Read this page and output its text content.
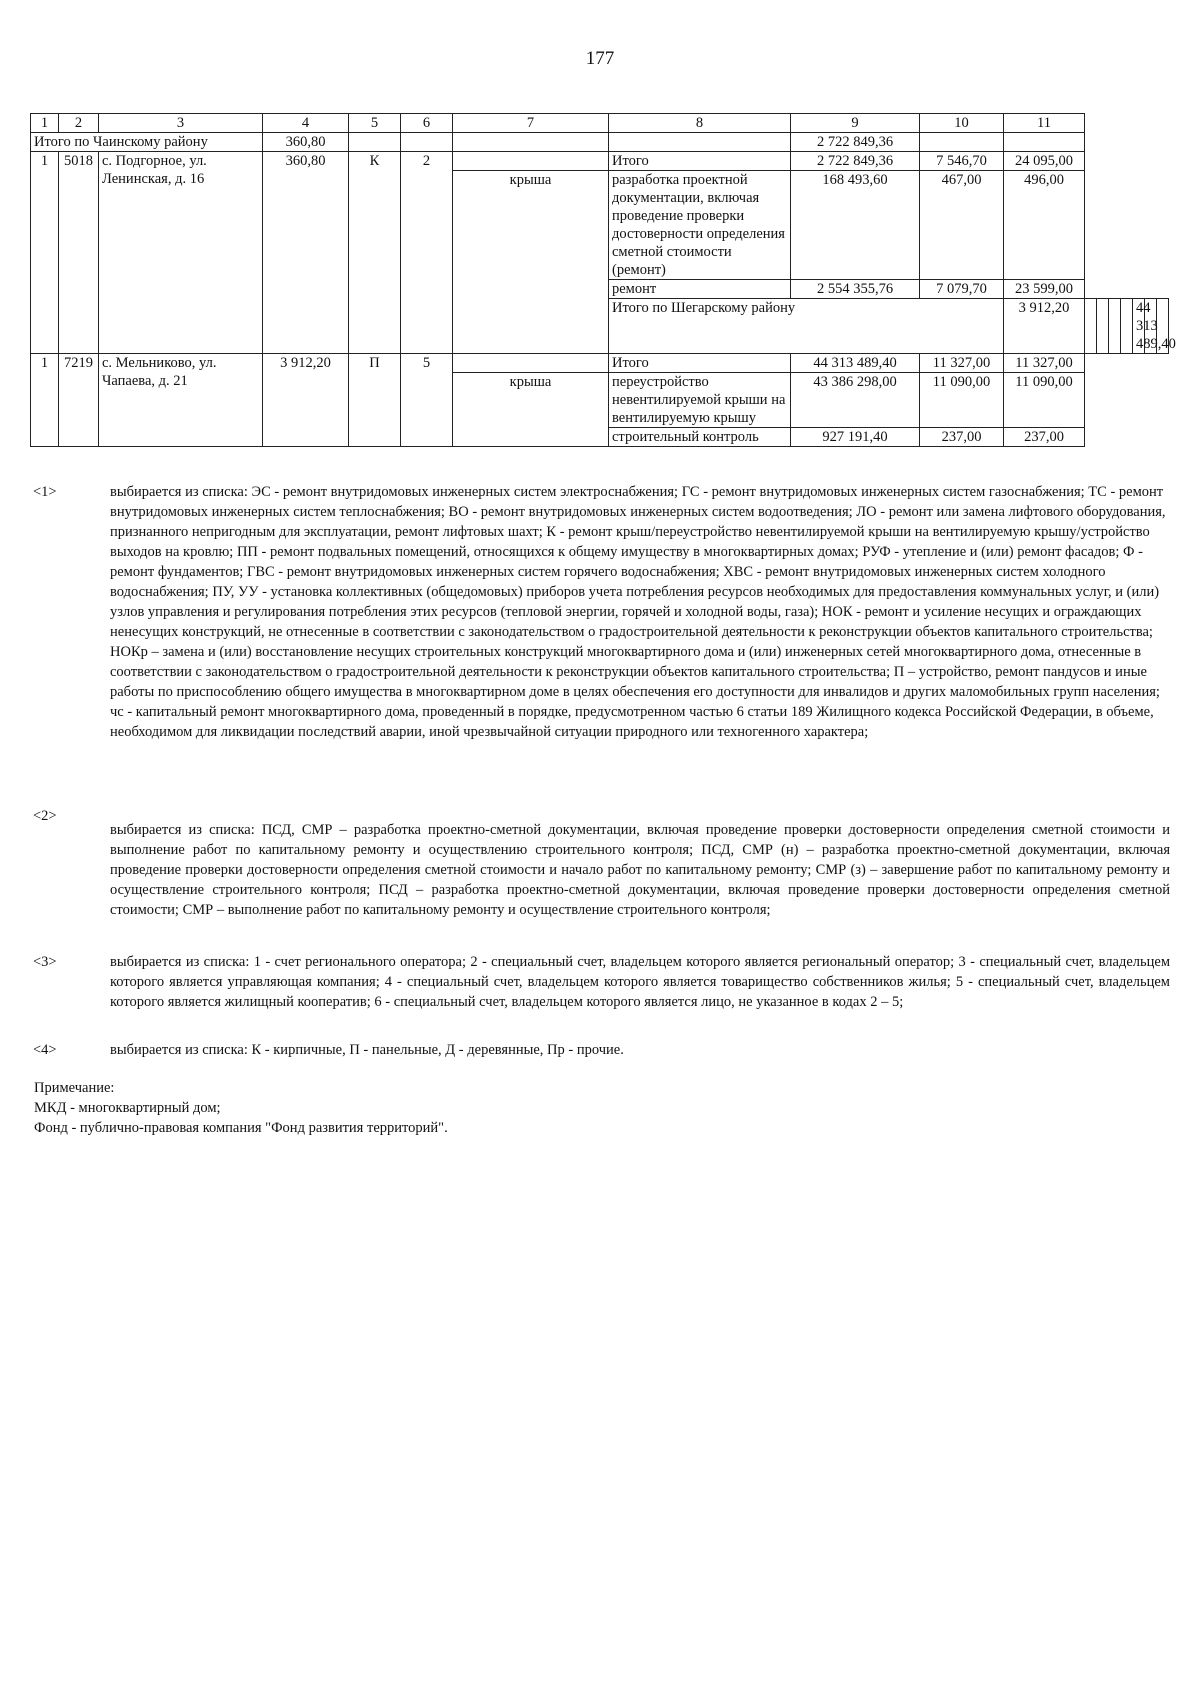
177
1	2	3	4	5	6	7	8	9	10	11							
Итого по Чаинскому району			360,80					2 722 849,36									
1	5018	с. Подгорное, ул. Ленинская, д. 16	360,80	К	2		Итого	2 722 849,36	7 546,70	24 095,00							
						крыша	разработка проектной документации, включая проведение проверки достоверности определения сметной стоимости (ремонт)	168 493,60	467,00	496,00							
							ремонт	2 554 355,76	7 079,70	23 599,00							
							Итого по Шегарскому району			3 912,20					44 313 489,40		
1	7219	с. Мельниково, ул. Чапаева, д. 21	3 912,20	П	5		Итого	44 313 489,40	11 327,00	11 327,00							
						крыша	переустройство невентилируемой крыши на вентилируемую крышу	43 386 298,00	11 090,00	11 090,00							
							строительный контроль	927 191,40	237,00	237,00							
<1>	выбирается из списка: ЭС - ремонт внутридомовых инженерных систем электроснабжения; ГС - ремонт внутридомовых инженерных систем газоснабжения; ТС - ремонт внутридомовых инженерных систем теплоснабжения; ВО - ремонт внутридомовых инженерных систем водоотведения; ЛО - ремонт или замена лифтового оборудования, признанного непригодным для эксплуатации, ремонт лифтовых шахт; К - ремонт крыш/переустройство невентилируемой крыши на вентилируемую крышу/устройство выходов на кровлю; ПП - ремонт подвальных помещений, относящихся к общему имуществу в многоквартирных домах; РУФ - утепление и (или) ремонт фасадов; Ф - ремонт фундаментов; ГВС - ремонт внутридомовых инженерных систем горячего водоснабжения; ХВС - ремонт внутридомовых инженерных систем холодного водоснабжения; ПУ, УУ - установка коллективных (общедомовых) приборов учета потребления ресурсов необходимых для предоставления коммунальных услуг, и (или) узлов управления и регулирования потребления этих ресурсов (тепловой энергии, горячей и холодной воды, газа); НОК - ремонт и усиление несущих и ограждающих ненесущих конструкций, не отнесенные в соответствии с законодательством о градостроительной деятельности к реконструкции объектов капитального строительства; НОКр – замена и (или) восстановление несущих строительных конструкций многоквартирного дома и (или) инженерных сетей многоквартирного дома, отнесенные в соответствии с законодательством о градостроительной деятельности к реконструкции объектов капитального строительства; П – устройство, ремонт пандусов и иные работы по приспособлению общего имущества в многоквартирном доме в целях обеспечения его доступности для инвалидов и других маломобильных групп населения; чс - капитальный ремонт многоквартирного дома, проведенный в порядке, предусмотренном частью 6 статьи 189 Жилищного кодекса Российской Федерации, в объеме, необходимом для ликвидации последствий аварии, иной чрезвычайной ситуации природного или техногенного характера;
<2>
выбирается из списка: ПСД, СМР – разработка проектно-сметной документации, включая проведение проверки достоверности определения сметной стоимости и выполнение работ по капитальному ремонту и осуществлению строительного контроля; ПСД, СМР (н) – разработка проектно-сметной документации, включая проведение проверки достоверности определения сметной стоимости и начало работ по капитальному ремонту; СМР (з) – завершение работ по капитальному ремонту и осуществление строительного контроля; ПСД – разработка проектно-сметной документации, включая проведение проверки достоверности определения сметной стоимости; СМР – выполнение работ по капитальному ремонту и осуществление строительного контроля;
<3>	выбирается из списка: 1 - счет регионального оператора; 2 - специальный счет, владельцем которого является региональный оператор; 3 - специальный счет, владельцем которого является управляющая компания; 4 - специальный счет, владельцем которого является товарищество собственников жилья; 5 - специальный счет, владельцем которого является жилищный кооператив; 6 - специальный счет, владельцем которого является лицо, не указанное в кодах 2 – 5;
<4>	выбирается из списка: К - кирпичные, П - панельные, Д - деревянные, Пр - прочие.
Примечание:
МКД - многоквартирный дом;
Фонд - публично-правовая компания "Фонд развития территорий".
